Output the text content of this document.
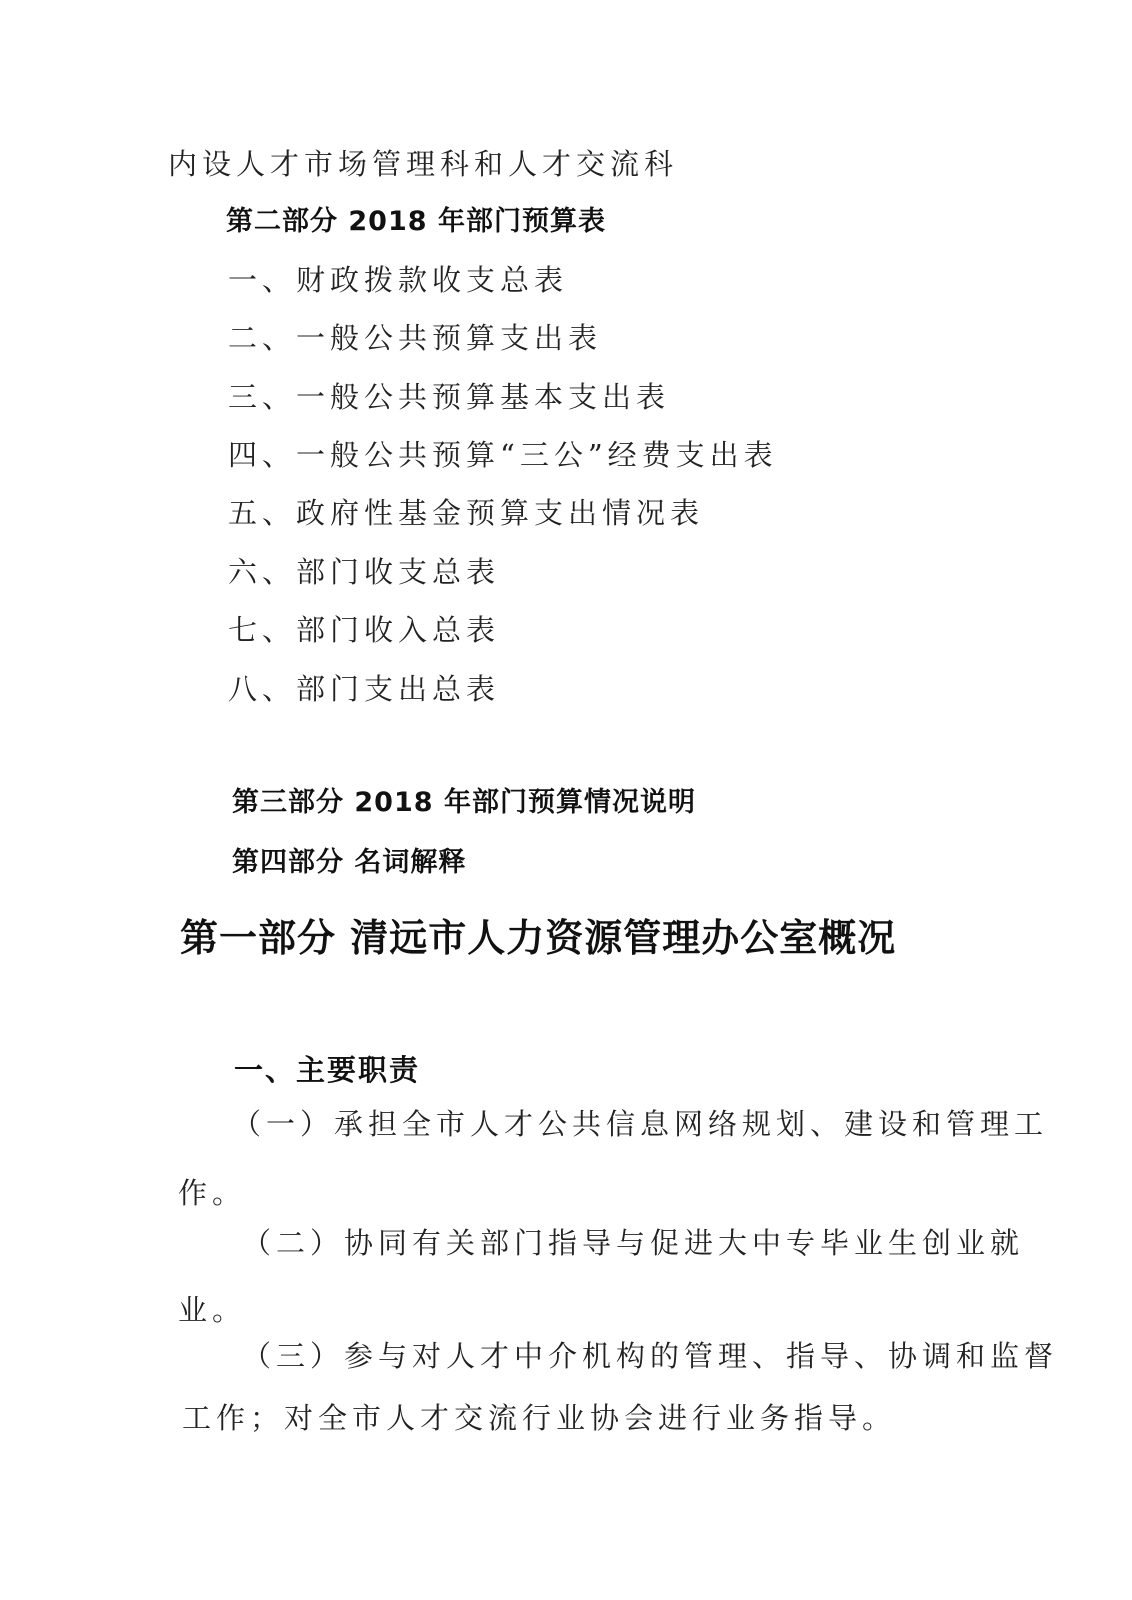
内设人才市场管理科和人才交流科
第二部分 2018 年部门预算表
一、财政拨款收支总表
二、一般公共预算支出表
三、一般公共预算基本支出表
四、一般公共预算“三公”经费支出表
五、政府性基金预算支出情况表
六、部门收支总表
七、部门收入总表
八、部门支出总表
第三部分 2018 年部门预算情况说明
第四部分 名词解释
第一部分 清远市人力资源管理办公室概况
一、主要职责
（一）承担全市人才公共信息网络规划、建设和管理工
作。
（二）协同有关部门指导与促进大中专毕业生创业就
业。
（三）参与对人才中介机构的管理、指导、协调和监督
工作；对全市人才交流行业协会进行业务指导。
